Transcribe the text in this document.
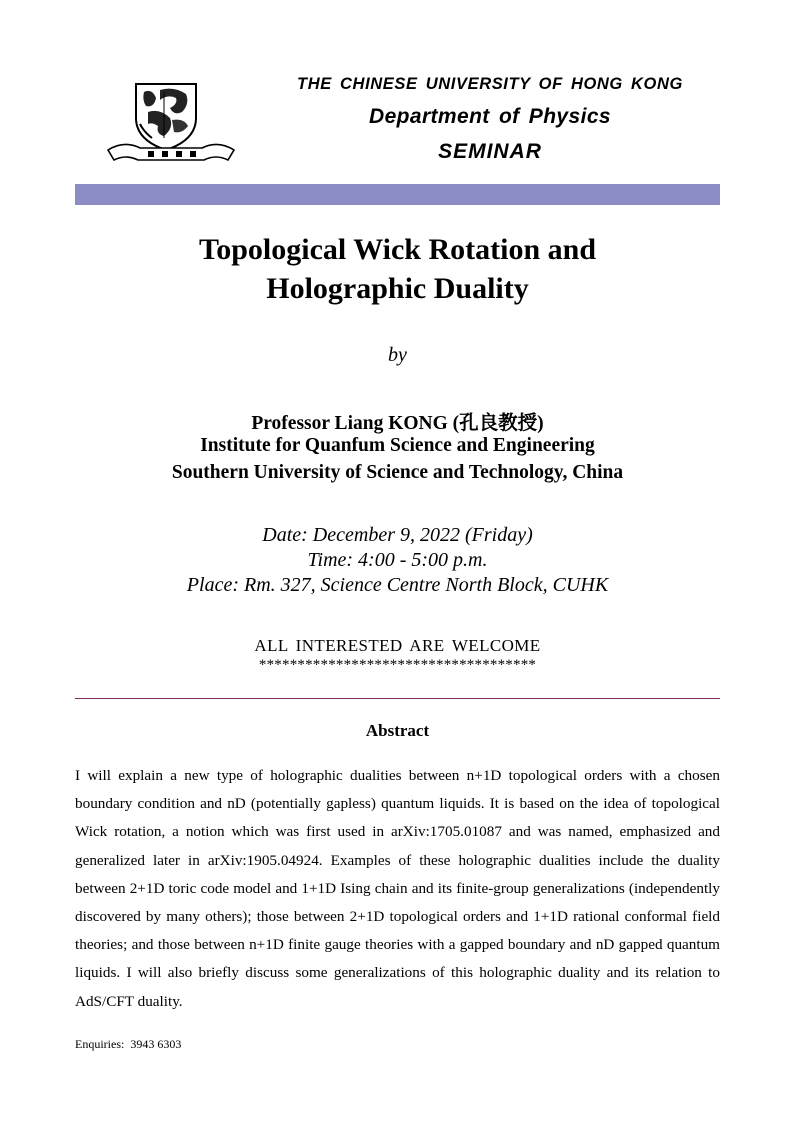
THE CHINESE UNIVERSITY OF HONG KONG
Department of Physics
SEMINAR
Topological Wick Rotation and
Holographic Duality
by
Professor Liang KONG (孔良教授)
Institute for Quanfum Science and Engineering
Southern University of Science and Technology, China
Date: December 9, 2022 (Friday)
Time: 4:00 - 5:00 p.m.
Place: Rm. 327, Science Centre North Block, CUHK
ALL INTERESTED ARE WELCOME
************************************
Abstract
I will explain a new type of holographic dualities between n+1D topological orders with a chosen boundary condition and nD (potentially gapless) quantum liquids. It is based on the idea of topological Wick rotation, a notion which was first used in arXiv:1705.01087 and was named, emphasized and generalized later in arXiv:1905.04924. Examples of these holographic dualities include the duality between 2+1D toric code model and 1+1D Ising chain and its finite-group generalizations (independently discovered by many others); those between 2+1D topological orders and 1+1D rational conformal field theories; and those between n+1D finite gauge theories with a gapped boundary and nD gapped quantum liquids. I will also briefly discuss some generalizations of this holographic duality and its relation to AdS/CFT duality.
Enquiries:  3943 6303
